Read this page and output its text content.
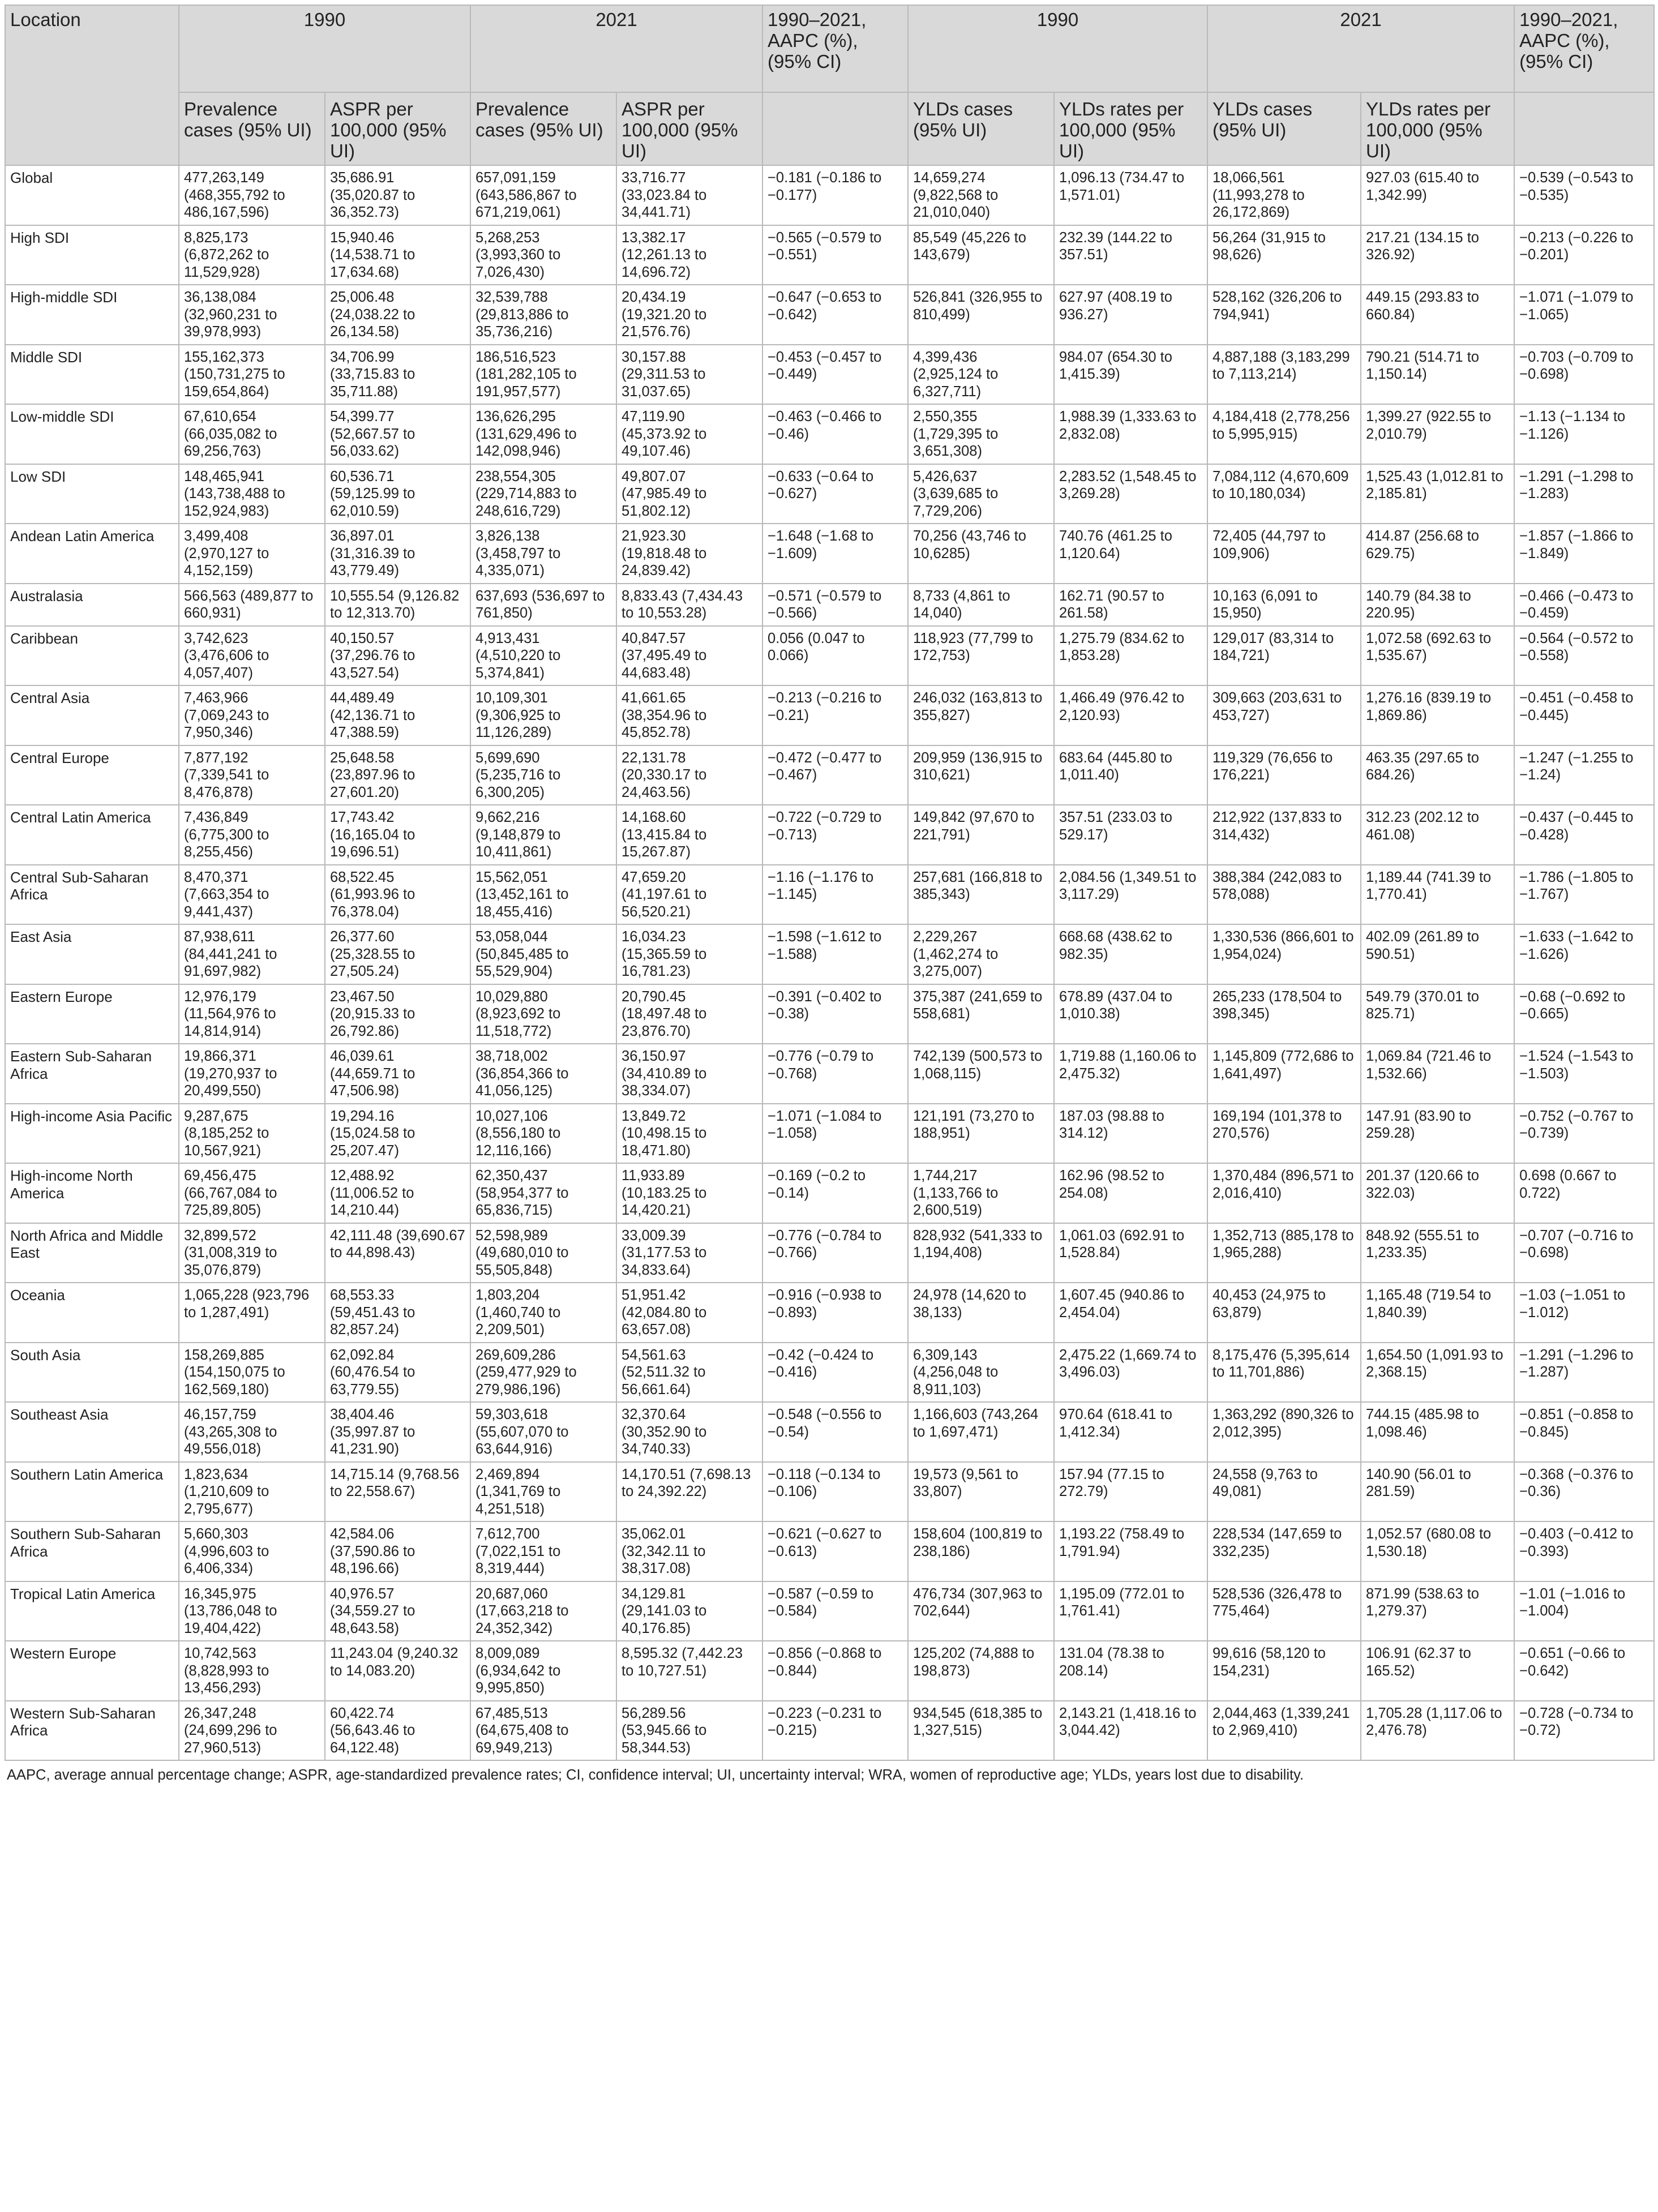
Location	1990		2021		1990–2021, AAPC (%), (95% CI)	1990		2021		1990–2021, AAPC (%), (95% CI)
	Prevalence cases (95% UI)	ASPR per 100,000 (95% UI)	Prevalence cases (95% UI)	ASPR per 100,000 (95% UI)		YLDs cases (95% UI)	YLDs rates per 100,000 (95% UI)	YLDs cases (95% UI)	YLDs rates per 100,000 (95% UI)	
Global	477,263,149 (468,355,792 to 486,167,596)	35,686.91 (35,020.87 to 36,352.73)	657,091,159 (643,586,867 to 671,219,061)	33,716.77 (33,023.84 to 34,441.71)	−0.181 (−0.186 to −0.177)	14,659,274 (9,822,568 to 21,010,040)	1,096.13 (734.47 to 1,571.01)	18,066,561 (11,993,278 to 26,172,869)	927.03 (615.40 to 1,342.99)	−0.539 (−0.543 to −0.535)
High SDI	8,825,173 (6,872,262 to 11,529,928)	15,940.46 (14,538.71 to 17,634.68)	5,268,253 (3,993,360 to 7,026,430)	13,382.17 (12,261.13 to 14,696.72)	−0.565 (−0.579 to −0.551)	85,549 (45,226 to 143,679)	232.39 (144.22 to 357.51)	56,264 (31,915 to 98,626)	217.21 (134.15 to 326.92)	−0.213 (−0.226 to −0.201)
High-middle SDI	36,138,084 (32,960,231 to 39,978,993)	25,006.48 (24,038.22 to 26,134.58)	32,539,788 (29,813,886 to 35,736,216)	20,434.19 (19,321.20 to 21,576.76)	−0.647 (−0.653 to −0.642)	526,841 (326,955 to 810,499)	627.97 (408.19 to 936.27)	528,162 (326,206 to 794,941)	449.15 (293.83 to 660.84)	−1.071 (−1.079 to −1.065)
Middle SDI	155,162,373 (150,731,275 to 159,654,864)	34,706.99 (33,715.83 to 35,711.88)	186,516,523 (181,282,105 to 191,957,577)	30,157.88 (29,311.53 to 31,037.65)	−0.453 (−0.457 to −0.449)	4,399,436 (2,925,124 to 6,327,711)	984.07 (654.30 to 1,415.39)	4,887,188 (3,183,299 to 7,113,214)	790.21 (514.71 to 1,150.14)	−0.703 (−0.709 to −0.698)
Low-middle SDI	67,610,654 (66,035,082 to 69,256,763)	54,399.77 (52,667.57 to 56,033.62)	136,626,295 (131,629,496 to 142,098,946)	47,119.90 (45,373.92 to 49,107.46)	−0.463 (−0.466 to −0.46)	2,550,355 (1,729,395 to 3,651,308)	1,988.39 (1,333.63 to 2,832.08)	4,184,418 (2,778,256 to 5,995,915)	1,399.27 (922.55 to 2,010.79)	−1.13 (−1.134 to −1.126)
Low SDI	148,465,941 (143,738,488 to 152,924,983)	60,536.71 (59,125.99 to 62,010.59)	238,554,305 (229,714,883 to 248,616,729)	49,807.07 (47,985.49 to 51,802.12)	−0.633 (−0.64 to −0.627)	5,426,637 (3,639,685 to 7,729,206)	2,283.52 (1,548.45 to 3,269.28)	7,084,112 (4,670,609 to 10,180,034)	1,525.43 (1,012.81 to 2,185.81)	−1.291 (−1.298 to −1.283)
Andean Latin America	3,499,408 (2,970,127 to 4,152,159)	36,897.01 (31,316.39 to 43,779.49)	3,826,138 (3,458,797 to 4,335,071)	21,923.30 (19,818.48 to 24,839.42)	−1.648 (−1.68 to −1.609)	70,256 (43,746 to 10,6285)	740.76 (461.25 to 1,120.64)	72,405 (44,797 to 109,906)	414.87 (256.68 to 629.75)	−1.857 (−1.866 to −1.849)
Australasia	566,563 (489,877 to 660,931)	10,555.54 (9,126.82 to 12,313.70)	637,693 (536,697 to 761,850)	8,833.43 (7,434.43 to 10,553.28)	−0.571 (−0.579 to −0.566)	8,733 (4,861 to 14,040)	162.71 (90.57 to 261.58)	10,163 (6,091 to 15,950)	140.79 (84.38 to 220.95)	−0.466 (−0.473 to −0.459)
Caribbean	3,742,623 (3,476,606 to 4,057,407)	40,150.57 (37,296.76 to 43,527.54)	4,913,431 (4,510,220 to 5,374,841)	40,847.57 (37,495.49 to 44,683.48)	0.056 (0.047 to 0.066)	118,923 (77,799 to 172,753)	1,275.79 (834.62 to 1,853.28)	129,017 (83,314 to 184,721)	1,072.58 (692.63 to 1,535.67)	−0.564 (−0.572 to −0.558)
Central Asia	7,463,966 (7,069,243 to 7,950,346)	44,489.49 (42,136.71 to 47,388.59)	10,109,301 (9,306,925 to 11,126,289)	41,661.65 (38,354.96 to 45,852.78)	−0.213 (−0.216 to −0.21)	246,032 (163,813 to 355,827)	1,466.49 (976.42 to 2,120.93)	309,663 (203,631 to 453,727)	1,276.16 (839.19 to 1,869.86)	−0.451 (−0.458 to −0.445)
Central Europe	7,877,192 (7,339,541 to 8,476,878)	25,648.58 (23,897.96 to 27,601.20)	5,699,690 (5,235,716 to 6,300,205)	22,131.78 (20,330.17 to 24,463.56)	−0.472 (−0.477 to −0.467)	209,959 (136,915 to 310,621)	683.64 (445.80 to 1,011.40)	119,329 (76,656 to 176,221)	463.35 (297.65 to 684.26)	−1.247 (−1.255 to −1.24)
Central Latin America	7,436,849 (6,775,300 to 8,255,456)	17,743.42 (16,165.04 to 19,696.51)	9,662,216 (9,148,879 to 10,411,861)	14,168.60 (13,415.84 to 15,267.87)	−0.722 (−0.729 to −0.713)	149,842 (97,670 to 221,791)	357.51 (233.03 to 529.17)	212,922 (137,833 to 314,432)	312.23 (202.12 to 461.08)	−0.437 (−0.445 to −0.428)
Central Sub-Saharan Africa	8,470,371 (7,663,354 to 9,441,437)	68,522.45 (61,993.96 to 76,378.04)	15,562,051 (13,452,161 to 18,455,416)	47,659.20 (41,197.61 to 56,520.21)	−1.16 (−1.176 to −1.145)	257,681 (166,818 to 385,343)	2,084.56 (1,349.51 to 3,117.29)	388,384 (242,083 to 578,088)	1,189.44 (741.39 to 1,770.41)	−1.786 (−1.805 to −1.767)
East Asia	87,938,611 (84,441,241 to 91,697,982)	26,377.60 (25,328.55 to 27,505.24)	53,058,044 (50,845,485 to 55,529,904)	16,034.23 (15,365.59 to 16,781.23)	−1.598 (−1.612 to −1.588)	2,229,267 (1,462,274 to 3,275,007)	668.68 (438.62 to 982.35)	1,330,536 (866,601 to 1,954,024)	402.09 (261.89 to 590.51)	−1.633 (−1.642 to −1.626)
Eastern Europe	12,976,179 (11,564,976 to 14,814,914)	23,467.50 (20,915.33 to 26,792.86)	10,029,880 (8,923,692 to 11,518,772)	20,790.45 (18,497.48 to 23,876.70)	−0.391 (−0.402 to −0.38)	375,387 (241,659 to 558,681)	678.89 (437.04 to 1,010.38)	265,233 (178,504 to 398,345)	549.79 (370.01 to 825.71)	−0.68 (−0.692 to −0.665)
Eastern Sub-Saharan Africa	19,866,371 (19,270,937 to 20,499,550)	46,039.61 (44,659.71 to 47,506.98)	38,718,002 (36,854,366 to 41,056,125)	36,150.97 (34,410.89 to 38,334.07)	−0.776 (−0.79 to −0.768)	742,139 (500,573 to 1,068,115)	1,719.88 (1,160.06 to 2,475.32)	1,145,809 (772,686 to 1,641,497)	1,069.84 (721.46 to 1,532.66)	−1.524 (−1.543 to −1.503)
High-income Asia Pacific	9,287,675 (8,185,252 to 10,567,921)	19,294.16 (15,024.58 to 25,207.47)	10,027,106 (8,556,180 to 12,116,166)	13,849.72 (10,498.15 to 18,471.80)	−1.071 (−1.084 to −1.058)	121,191 (73,270 to 188,951)	187.03 (98.88 to 314.12)	169,194 (101,378 to 270,576)	147.91 (83.90 to 259.28)	−0.752 (−0.767 to −0.739)
High-income North America	69,456,475 (66,767,084 to 725,89,805)	12,488.92 (11,006.52 to 14,210.44)	62,350,437 (58,954,377 to 65,836,715)	11,933.89 (10,183.25 to 14,420.21)	−0.169 (−0.2 to −0.14)	1,744,217 (1,133,766 to 2,600,519)	162.96 (98.52 to 254.08)	1,370,484 (896,571 to 2,016,410)	201.37 (120.66 to 322.03)	0.698 (0.667 to 0.722)
North Africa and Middle East	32,899,572 (31,008,319 to 35,076,879)	42,111.48 (39,690.67 to 44,898.43)	52,598,989 (49,680,010 to 55,505,848)	33,009.39 (31,177.53 to 34,833.64)	−0.776 (−0.784 to −0.766)	828,932 (541,333 to 1,194,408)	1,061.03 (692.91 to 1,528.84)	1,352,713 (885,178 to 1,965,288)	848.92 (555.51 to 1,233.35)	−0.707 (−0.716 to −0.698)
Oceania	1,065,228 (923,796 to 1,287,491)	68,553.33 (59,451.43 to 82,857.24)	1,803,204 (1,460,740 to 2,209,501)	51,951.42 (42,084.80 to 63,657.08)	−0.916 (−0.938 to −0.893)	24,978 (14,620 to 38,133)	1,607.45 (940.86 to 2,454.04)	40,453 (24,975 to 63,879)	1,165.48 (719.54 to 1,840.39)	−1.03 (−1.051 to −1.012)
South Asia	158,269,885 (154,150,075 to 162,569,180)	62,092.84 (60,476.54 to 63,779.55)	269,609,286 (259,477,929 to 279,986,196)	54,561.63 (52,511.32 to 56,661.64)	−0.42 (−0.424 to −0.416)	6,309,143 (4,256,048 to 8,911,103)	2,475.22 (1,669.74 to 3,496.03)	8,175,476 (5,395,614 to 11,701,886)	1,654.50 (1,091.93 to 2,368.15)	−1.291 (−1.296 to −1.287)
Southeast Asia	46,157,759 (43,265,308 to 49,556,018)	38,404.46 (35,997.87 to 41,231.90)	59,303,618 (55,607,070 to 63,644,916)	32,370.64 (30,352.90 to 34,740.33)	−0.548 (−0.556 to −0.54)	1,166,603 (743,264 to 1,697,471)	970.64 (618.41 to 1,412.34)	1,363,292 (890,326 to 2,012,395)	744.15 (485.98 to 1,098.46)	−0.851 (−0.858 to −0.845)
Southern Latin America	1,823,634 (1,210,609 to 2,795,677)	14,715.14 (9,768.56 to 22,558.67)	2,469,894 (1,341,769 to 4,251,518)	14,170.51 (7,698.13 to 24,392.22)	−0.118 (−0.134 to −0.106)	19,573 (9,561 to 33,807)	157.94 (77.15 to 272.79)	24,558 (9,763 to 49,081)	140.90 (56.01 to 281.59)	−0.368 (−0.376 to −0.36)
Southern Sub-Saharan Africa	5,660,303 (4,996,603 to 6,406,334)	42,584.06 (37,590.86 to 48,196.66)	7,612,700 (7,022,151 to 8,319,444)	35,062.01 (32,342.11 to 38,317.08)	−0.621 (−0.627 to −0.613)	158,604 (100,819 to 238,186)	1,193.22 (758.49 to 1,791.94)	228,534 (147,659 to 332,235)	1,052.57 (680.08 to 1,530.18)	−0.403 (−0.412 to −0.393)
Tropical Latin America	16,345,975 (13,786,048 to 19,404,422)	40,976.57 (34,559.27 to 48,643.58)	20,687,060 (17,663,218 to 24,352,342)	34,129.81 (29,141.03 to 40,176.85)	−0.587 (−0.59 to −0.584)	476,734 (307,963 to 702,644)	1,195.09 (772.01 to 1,761.41)	528,536 (326,478 to 775,464)	871.99 (538.63 to 1,279.37)	−1.01 (−1.016 to −1.004)
Western Europe	10,742,563 (8,828,993 to 13,456,293)	11,243.04 (9,240.32 to 14,083.20)	8,009,089 (6,934,642 to 9,995,850)	8,595.32 (7,442.23 to 10,727.51)	−0.856 (−0.868 to −0.844)	125,202 (74,888 to 198,873)	131.04 (78.38 to 208.14)	99,616 (58,120 to 154,231)	106.91 (62.37 to 165.52)	−0.651 (−0.66 to −0.642)
Western Sub-Saharan Africa	26,347,248 (24,699,296 to 27,960,513)	60,422.74 (56,643.46 to 64,122.48)	67,485,513 (64,675,408 to 69,949,213)	56,289.56 (53,945.66 to 58,344.53)	−0.223 (−0.231 to −0.215)	934,545 (618,385 to 1,327,515)	2,143.21 (1,418.16 to 3,044.42)	2,044,463 (1,339,241 to 2,969,410)	1,705.28 (1,117.06 to 2,476.78)	−0.728 (−0.734 to −0.72)
AAPC, average annual percentage change; ASPR, age-standardized prevalence rates; CI, confidence interval; UI, uncertainty interval; WRA, women of reproductive age; YLDs, years lost due to disability.
